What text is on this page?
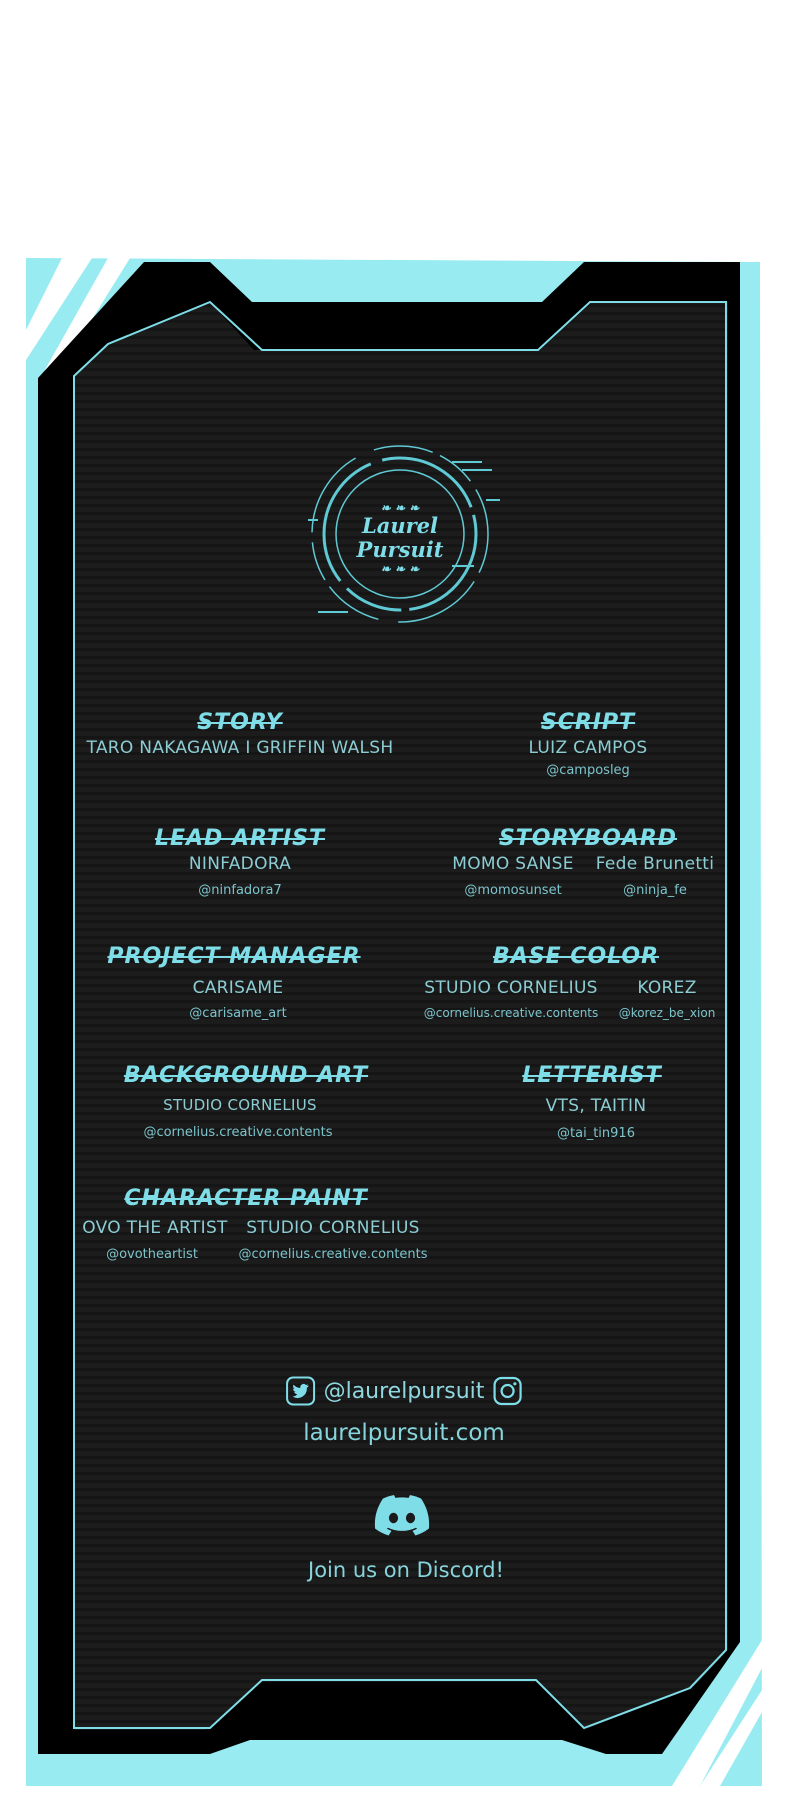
❧ ❧ ❧
Laurel
Pursuit
❧ ❧ ❧
STORY
TARO NAKAGAWA I GRIFFIN WALSH
SCRIPT
LUIZ CAMPOS
@camposleg
LEAD ARTIST
NINFADORA
@ninfadora7
STORYBOARD
MOMO SANSE
@momosunset
Fede Brunetti
@ninja_fe
PROJECT MANAGER
CARISAME
@carisame_art
BASE COLOR
STUDIO CORNELIUS
@cornelius.creative.contents
KOREZ
@korez_be_xion
BACKGROUND ART
STUDIO CORNELIUS
@cornelius.creative.contents
LETTERIST
VTS, TAITIN
@tai_tin916
CHARACTER PAINT
OVO THE ARTIST
@ovotheartist
STUDIO CORNELIUS
@cornelius.creative.contents
@laurelpursuit
laurelpursuit.com
Join us on Discord!
